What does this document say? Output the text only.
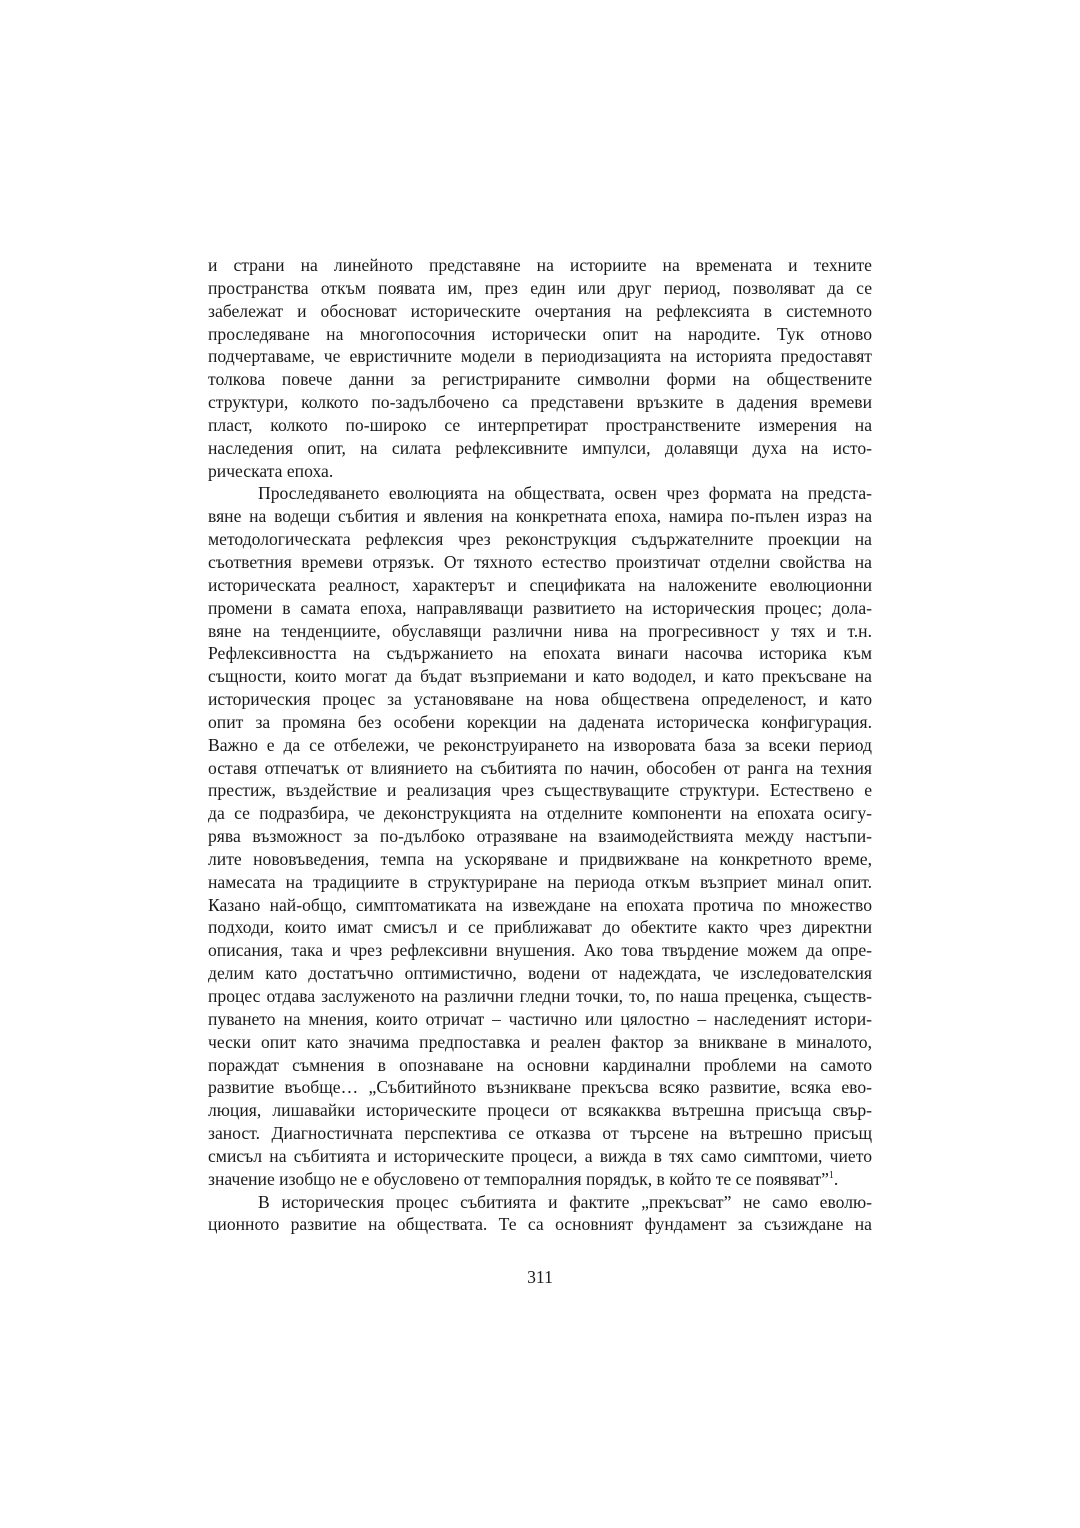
и страни на линейното представяне на историите на времената и техните
пространства откъм появата им, през един или друг период, позволяват да се
забележат и обосноват историческите очертания на рефлексията в системното
проследяване на многопосочния исторически опит на народите. Тук отново
подчертаваме, че евристичните модели в периодизацията на историята предоставят
толкова повече данни за регистрираните символни форми на обществените
структури, колкото по-задълбочено са представени връзките в дадения времеви
пласт, колкото по-широко се интерпретират пространствените измерения на
наследения опит, на силата рефлексивните импулси, долавящи духа на исто-
рическата епоха.
Проследяването еволюцията на обществата, освен чрез формата на предста-
вяне на водещи събития и явления на конкретната епоха, намира по-пълен израз на
методологическата рефлексия чрез реконструкция съдържателните проекции на
съответния времеви отрязък. От тяхното естество произтичат отделни свойства на
историческата реалност, характерът и спецификата на наложените еволюционни
промени в самата епоха, направляващи развитието на историческия процес; дола-
вяне на тенденциите, обуславящи различни нива на прогресивност у тях и т.н.
Рефлексивността на съдържанието на епохата винаги насочва историка към
същности, които могат да бъдат възприемани и като вододел, и като прекъсване на
историческия процес за установяване на нова обществена определеност, и като
опит за промяна без особени корекции на дадената историческа конфигурация.
Важно е да се отбележи, че реконструирането на изворовата база за всеки период
оставя отпечатък от влиянието на събитията по начин, обособен от ранга на техния
престиж, въздействие и реализация чрез съществуващите структури. Естествено е
да се подразбира, че деконструкцията на отделните компоненти на епохата осигу-
рява възможност за по-дълбоко отразяване на взаимодействията между настъпи-
лите нововъведения, темпа на ускоряване и придвижване на конкретното време,
намесата на традициите в структуриране на периода откъм възприет минал опит.
Казано най-общо, симптоматиката на извеждане на епохата протича по множество
подходи, които имат смисъл и се приближават до обектите както чрез директни
описания, така и чрез рефлексивни внушения. Ако това твърдение можем да опре-
делим като достатъчно оптимистично, водени от надеждата, че изследователския
процес отдава заслуженото на различни гледни точки, то, по наша преценка, съществ-
пуването на мнения, които отричат – частично или цялостно – наследеният истори-
чески опит като значима предпоставка и реален фактор за вникване в миналото,
пораждат съмнения в опознаване на основни кардинални проблеми на самото
развитие въобще… „Събитийното възникване прекъсва всяко развитие, всяка ево-
люция, лишавайки историческите процеси от всякакква вътрешна присъща свър-
заност. Диагностичната перспектива се отказва от търсене на вътрешно присъщ
смисъл на събитията и историческите процеси, а вижда в тях само симптоми, чието
значение изобщо не е обусловено от темпоралния порядък, в който те се появяват”$^1$.
В историческия процес събитията и фактите „прекъсват” не само еволю-
ционното развитие на обществата. Те са основният фундамент за съзиждане на
311
